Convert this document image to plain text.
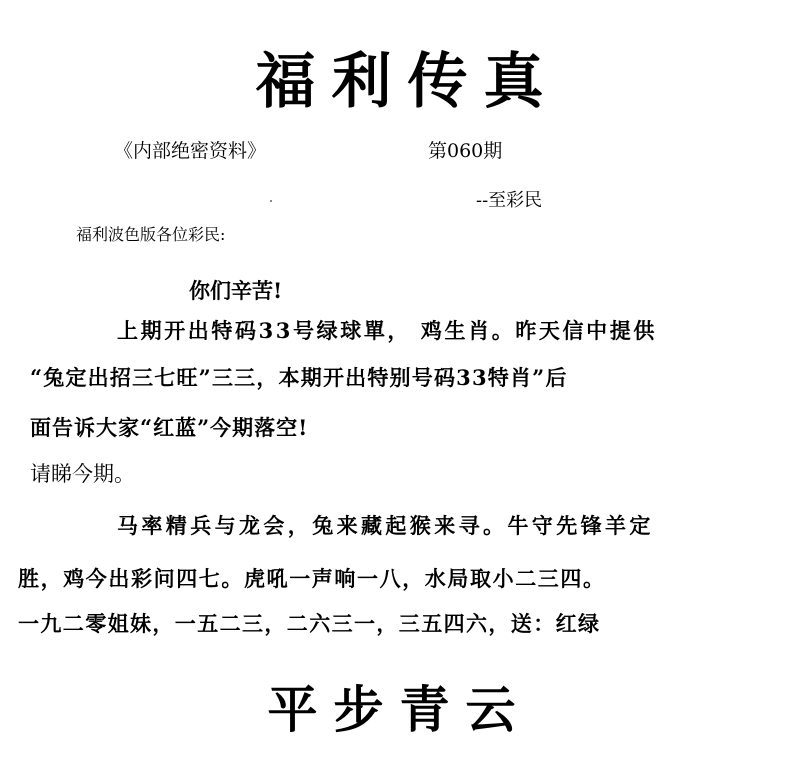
福利传真
《内部绝密资料》	第060期
--至彩民
福利波色版各位彩民:
你们辛苦!
上期开出特码33号绿球單， 鸡生肖。昨天信中提供
“兔定出招三七旺”三三，本期开出特别号码33特肖”后
面告诉大家“红蓝”今期落空!
请睇今期。
马率精兵与龙会，兔来藏起猴来寻。牛守先锋羊定
胜，鸡今出彩问四七。虎吼一声响一八，水局取小二三四。
一九二零姐妹，一五二三，二六三一，三五四六，送：红绿
平步青云
